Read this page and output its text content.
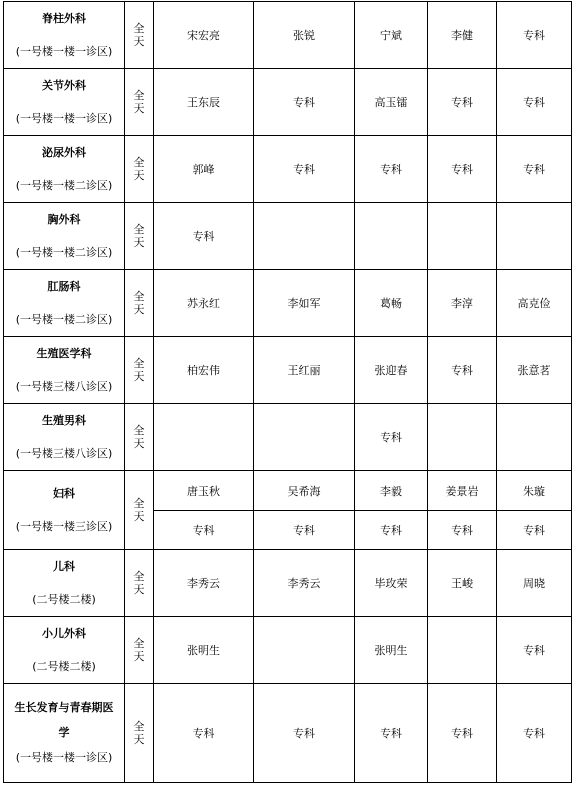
脊柱外科
(一号楼一楼一诊区)	全天	宋宏亮	张锐	宁斌	李健	专科

关节外科
(一号楼一楼一诊区)	全天	王东辰	专科	高玉镭	专科	专科

泌尿外科
(一号楼一楼二诊区)	全天	郭峰	专科	专科	专科	专科

胸外科
(一号楼一楼二诊区)	全天	专科				

肛肠科
(一号楼一楼二诊区)	全天	苏永红	李如军	葛畅	李淳	高克俭

生殖医学科
(一号楼三楼八诊区)	全天	柏宏伟	王红丽	张迎春	专科	张意茗

生殖男科
(一号楼三楼八诊区)	全天			专科		

妇科
(一号楼一楼三诊区)	全天	唐玉秋	吴希海	李毅	姜景岩	朱璇
		专科	专科	专科	专科	专科

儿科
(二号楼二楼)	全天	李秀云	李秀云	毕玫荣	王峻	周晓

小儿外科
(二号楼二楼)	全天	张明生		张明生		专科

生长发育与青春期医
学
(一号楼一楼一诊区)	全天	专科	专科	专科	专科	专科
